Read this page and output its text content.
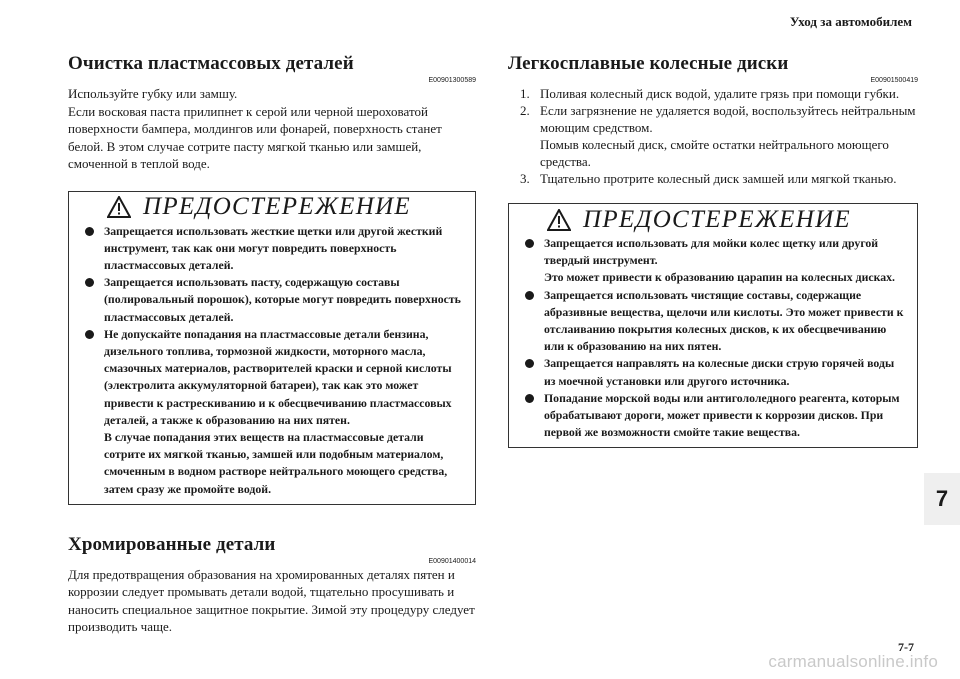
Уход за автомобилем
Очистка пластмассовых деталей
E00901300589

Используйте губку или замшу.
Если восковая паста прилипнет к серой или черной шероховатой поверхности бампера, молдингов или фонарей, поверхность станет белой. В этом случае сотрите пасту мягкой тканью или замшей, смоченной в теплой воде.

ПРЕДОСТЕРЕЖЕНИЕ
Запрещается использовать жесткие щетки или другой жесткий инструмент, так как они могут повредить поверхность пластмассовых деталей.
Запрещается использовать пасту, содержащую составы (полировальный порошок), которые могут повредить поверхность пластмассовых деталей.
Не допускайте попадания на пластмассовые детали бензина, дизельного топлива, тормозной жидкости, моторного масла, смазочных материалов, растворителей краски и серной кислоты (электролита аккумуляторной батареи), так как это может привести к растрескиванию и к обесцвечиванию пластмассовых деталей, а также к образованию на них пятен.
В случае попадания этих веществ на пластмассовые детали сотрите их мягкой тканью, замшей или подобным материалом, смоченным в водном растворе нейтрального моющего средства, затем сразу же промойте водой.
Хромированные детали
E00901400014

Для предотвращения образования на хромированных деталях пятен и коррозии следует промывать детали водой, тщательно просушивать и наносить специальное защитное покрытие. Зимой эту процедуру следует производить чаще.

Легкосплавные колесные диски
E00901500419
1. Поливая колесный диск водой, удалите грязь при помощи губки.
2. Если загрязнение не удаляется водой, воспользуйтесь нейтральным моющим средством.
Помыв колесный диск, смойте остатки нейтрального моющего средства.
3. Тщательно протрите колесный диск замшей или мягкой тканью.
ПРЕДОСТЕРЕЖЕНИЕ
Запрещается использовать для мойки колес щетку или другой твердый инструмент.
Это может привести к образованию царапин на колесных дисках.
Запрещается использовать чистящие составы, содержащие абразивные вещества, щелочи или кислоты. Это может привести к отслаиванию покрытия колесных дисков, к их обесцвечиванию или к образованию на них пятен.
Запрещается направлять на колесные диски струю горячей воды из моечной установки или другого источника.
Попадание морской воды или антигололедного реагента, которым обрабатывают дороги, может привести к коррозии дисков. При первой же возможности смойте такие вещества.
7
7-7
carmanualsonline.info
